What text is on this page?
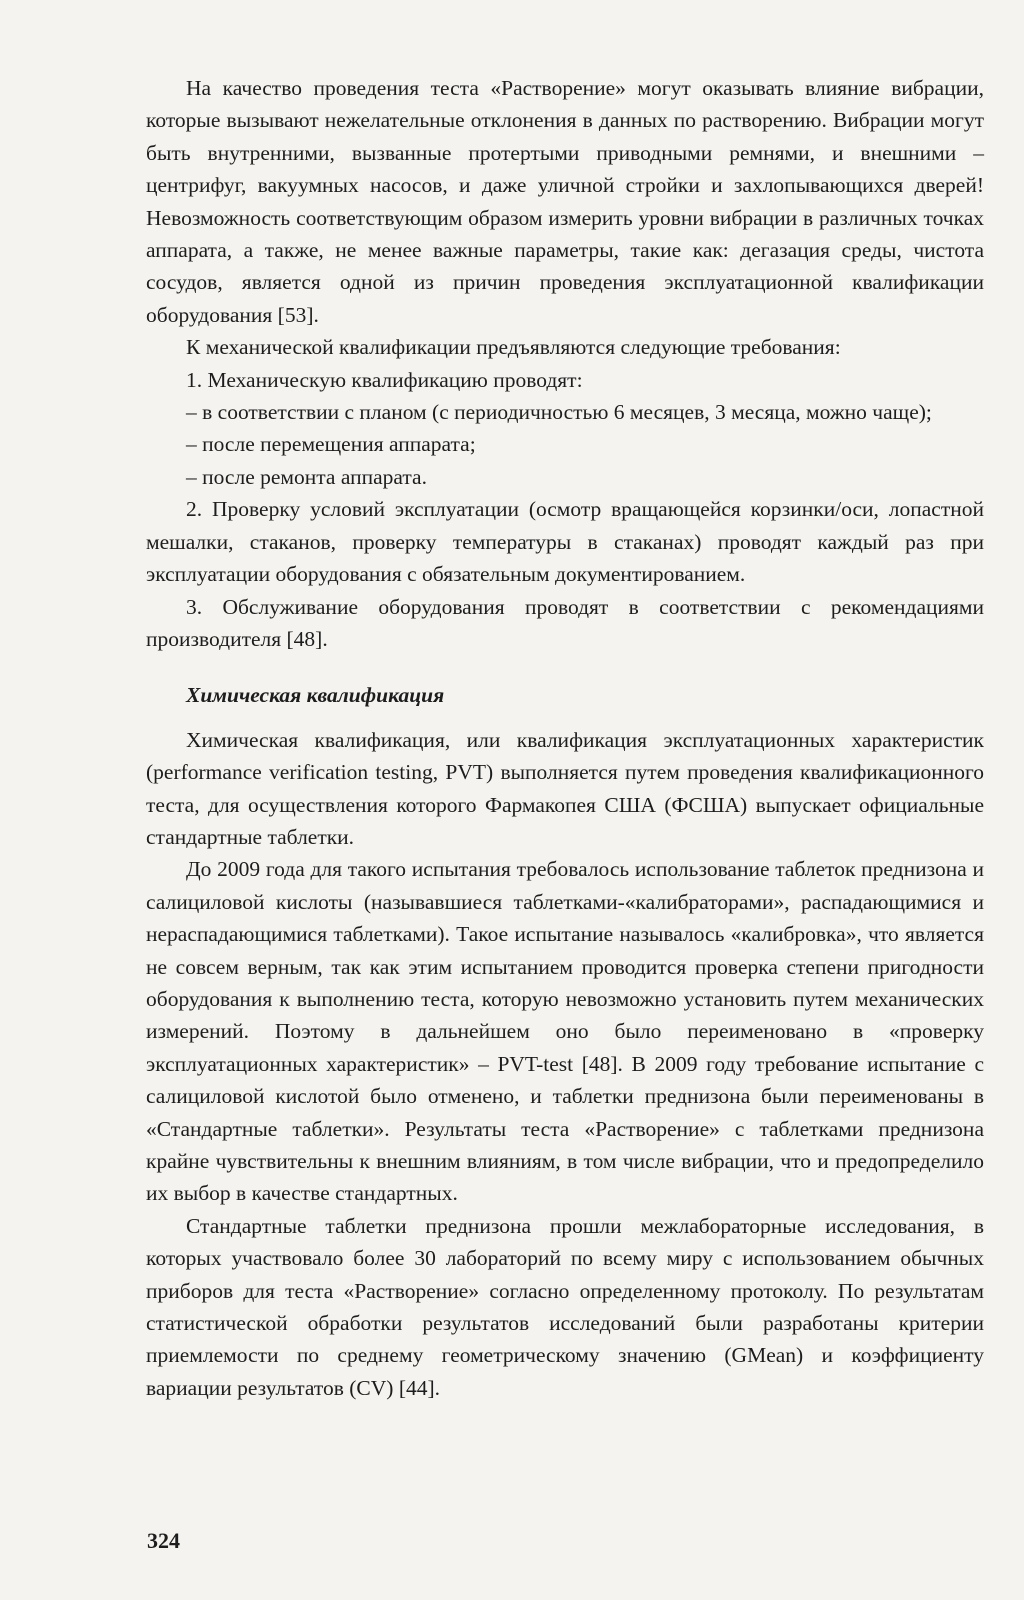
На качество проведения теста «Растворение» могут оказывать влияние вибрации, которые вызывают нежелательные отклонения в данных по растворению. Вибрации могут быть внутренними, вызванные протертыми приводными ремнями, и внешними – центрифуг, вакуумных насосов, и даже уличной стройки и захлопывающихся дверей! Невозможность соответствующим образом измерить уровни вибрации в различных точках аппарата, а также, не менее важные параметры, такие как: дегазация среды, чистота сосудов, является одной из причин проведения эксплуатационной квалификации оборудования [53].

К механической квалификации предъявляются следующие требования:

1. Механическую квалификацию проводят:

– в соответствии с планом (с периодичностью 6 месяцев, 3 месяца, можно чаще);

– после перемещения аппарата;

– после ремонта аппарата.

2. Проверку условий эксплуатации (осмотр вращающейся корзинки/оси, лопастной мешалки, стаканов, проверку температуры в стаканах) проводят каждый раз при эксплуатации оборудования с обязательным документированием.

3. Обслуживание оборудования проводят в соответствии с рекомендациями производителя [48].

Химическая квалификация

Химическая квалификация, или квалификация эксплуатационных характеристик (performance verification testing, PVT) выполняется путем проведения квалификационного теста, для осуществления которого Фармакопея США (ФСША) выпускает официальные стандартные таблетки.

До 2009 года для такого испытания требовалось использование таблеток преднизона и салициловой кислоты (называвшиеся таблетками-«калибраторами», распадающимися и нераспадающимися таблетками). Такое испытание называлось «калибровка», что является не совсем верным, так как этим испытанием проводится проверка степени пригодности оборудования к выполнению теста, которую невозможно установить путем механических измерений. Поэтому в дальнейшем оно было переименовано в «проверку эксплуатационных характеристик» – PVT-test [48]. В 2009 году требование испытание с салициловой кислотой было отменено, и таблетки преднизона были переименованы в «Стандартные таблетки». Результаты теста «Растворение» с таблетками преднизона крайне чувствительны к внешним влияниям, в том числе вибрации, что и предопределило их выбор в качестве стандартных.

Стандартные таблетки преднизона прошли межлабораторные исследования, в которых участвовало более 30 лабораторий по всему миру с использованием обычных приборов для теста «Растворение» согласно определенному протоколу. По результатам статистической обработки результатов исследований были разработаны критерии приемлемости по среднему геометрическому значению (GMean) и коэффициенту вариации результатов (CV) [44].

324
